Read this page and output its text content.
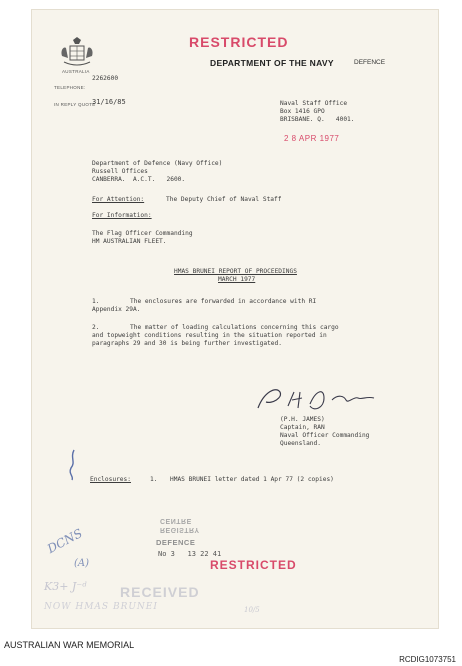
AUSTRALIA
RESTRICTED
DEPARTMENT OF THE NAVY	DEFENCE
TELEPHONE:
2262600
IN REPLY QUOTE
31/16/85	Naval Staff Office
Box 1416 GPO
BRISBANE. Q.   4001.
2 8 APR 1977
Department of Defence (Navy Office)
Russell Offices
CANBERRA.  A.C.T.   2600.
For Attention:	The Deputy Chief of Naval Staff
For Information:
The Flag Officer Commanding
HM AUSTRALIAN FLEET.
HMAS BRUNEI REPORT OF PROCEEDINGS
MARCH 1977
1.	The enclosures are forwarded in accordance with RI
Appendix 29A.
2.	The matter of loading calculations concerning this cargo
and topweight conditions resulting in the situation reported in
paragraphs 29 and 30 is being further investigated.
(P.H. JAMES)
Captain, RAN
Naval Officer Commanding
Queensland.
Enclosures:	1. HMAS BRUNEI letter dated 1 Apr 77 (2 copies)
REGISTRY
CENTRE
DEFENCE
No 3   13 22 41
DCNS
(A)	RESTRICTED
K3+ J⁻ᵈ RECEIVED
NOW HMAS BRUNEI	10/5
AUSTRALIAN WAR MEMORIAL
RCDIG1073751
